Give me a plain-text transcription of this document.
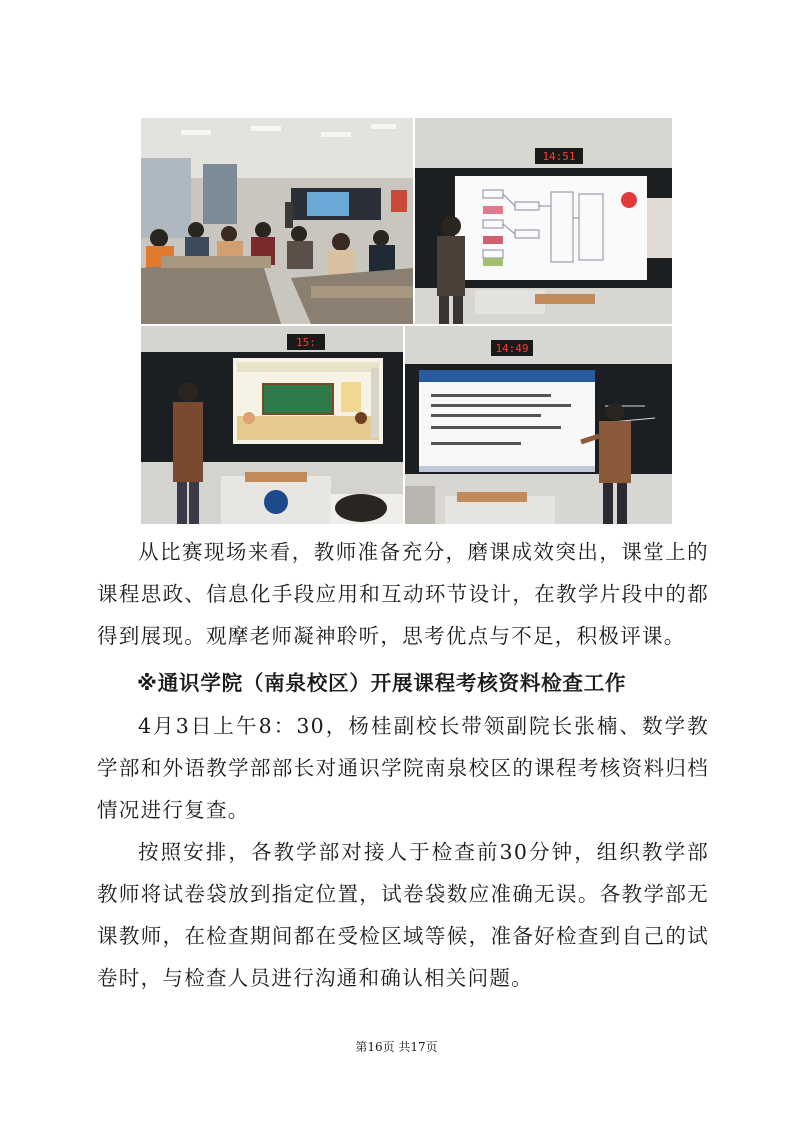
14:51
15:	14:49

从比赛现场来看，教师准备充分，磨课成效突出，课堂上的课程思政、信息化手段应用和互动环节设计，在教学片段中的都得到展现。观摩老师凝神聆听，思考优点与不足，积极评课。

※通识学院（南泉校区）开展课程考核资料检查工作

4月3日上午8：30，杨桂副校长带领副院长张楠、数学教学部和外语教学部部长对通识学院南泉校区的课程考核资料归档情况进行复查。

按照安排，各教学部对接人于检查前30分钟，组织教学部教师将试卷袋放到指定位置，试卷袋数应准确无误。各教学部无课教师，在检查期间都在受检区域等候，准备好检查到自己的试卷时，与检查人员进行沟通和确认相关问题。

第16页 共17页
